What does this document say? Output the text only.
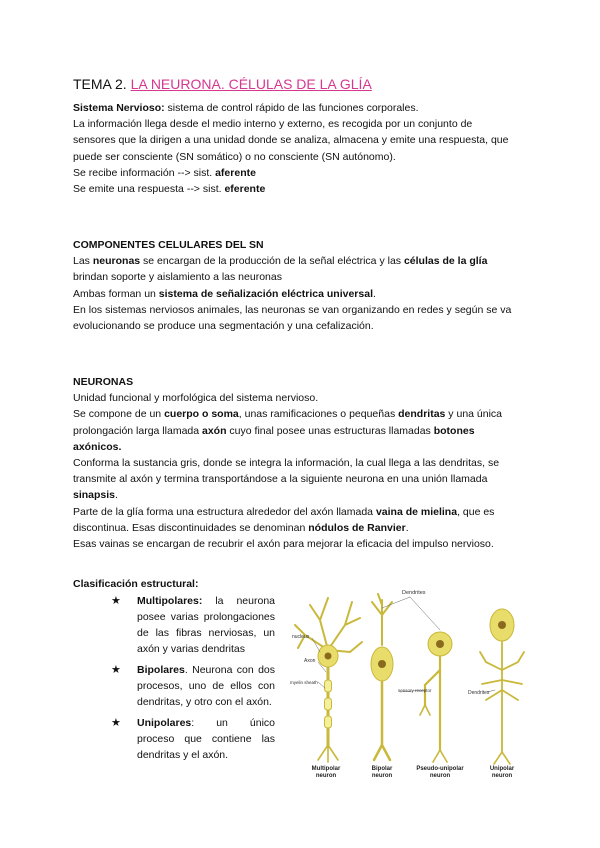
TEMA 2. LA NEURONA. CÉLULAS DE LA GLÍA

Sistema Nervioso: sistema de control rápido de las funciones corporales.

La información llega desde el medio interno y externo, es recogida por un conjunto de

sensores que la dirigen a una unidad donde se analiza, almacena y emite una respuesta, que

puede ser consciente (SN somático) o no consciente (SN autónomo).

Se recibe información --> sist. aferente

Se emite una respuesta --> sist. eferente

COMPONENTES CELULARES DEL SN

Las neuronas se encargan de la producción de la señal eléctrica y las células de la glía

brindan soporte y aislamiento a las neuronas

Ambas forman un sistema de señalización eléctrica universal.

En los sistemas nerviosos animales, las neuronas se van organizando en redes y según se va

evolucionando se produce una segmentación y una cefalización.

NEURONAS

Unidad funcional y morfológica del sistema nervioso.

Se compone de un cuerpo o soma, unas ramificaciones o pequeñas dendritas y una única

prolongación larga llamada axón cuyo final posee unas estructuras llamadas botones

axónicos.

Conforma la sustancia gris, donde se integra la información, la cual llega a las dendritas, se

transmite al axón y termina transportándose a la siguiente neurona en una unión llamada

sinapsis.

Parte de la glía forma una estructura alrededor del axón llamada vaina de mielina, que es

discontinua. Esas discontinuidades se denominan nódulos de Ranvier.

Esas vainas se encargan de recubrir el axón para mejorar la eficacia del impulso nervioso.

Clasificación estructural:

★ Multipolares: la neurona posee varias prolongaciones de las fibras nerviosas, un axón y varias dendritas
★ Bipolares. Neurona con dos procesos, uno de ellos con dendritas, y otro con el axón.
★ Unipolares: un único proceso que contiene las dendritas y el axón.
Dendrites
nucleus
Axon
myelin sheath
sensory receptor	Dendrites
Multipolar
neuron
Bipolar
neuron
Pseudo-unipolar
neuron
Unipolar
neuron
